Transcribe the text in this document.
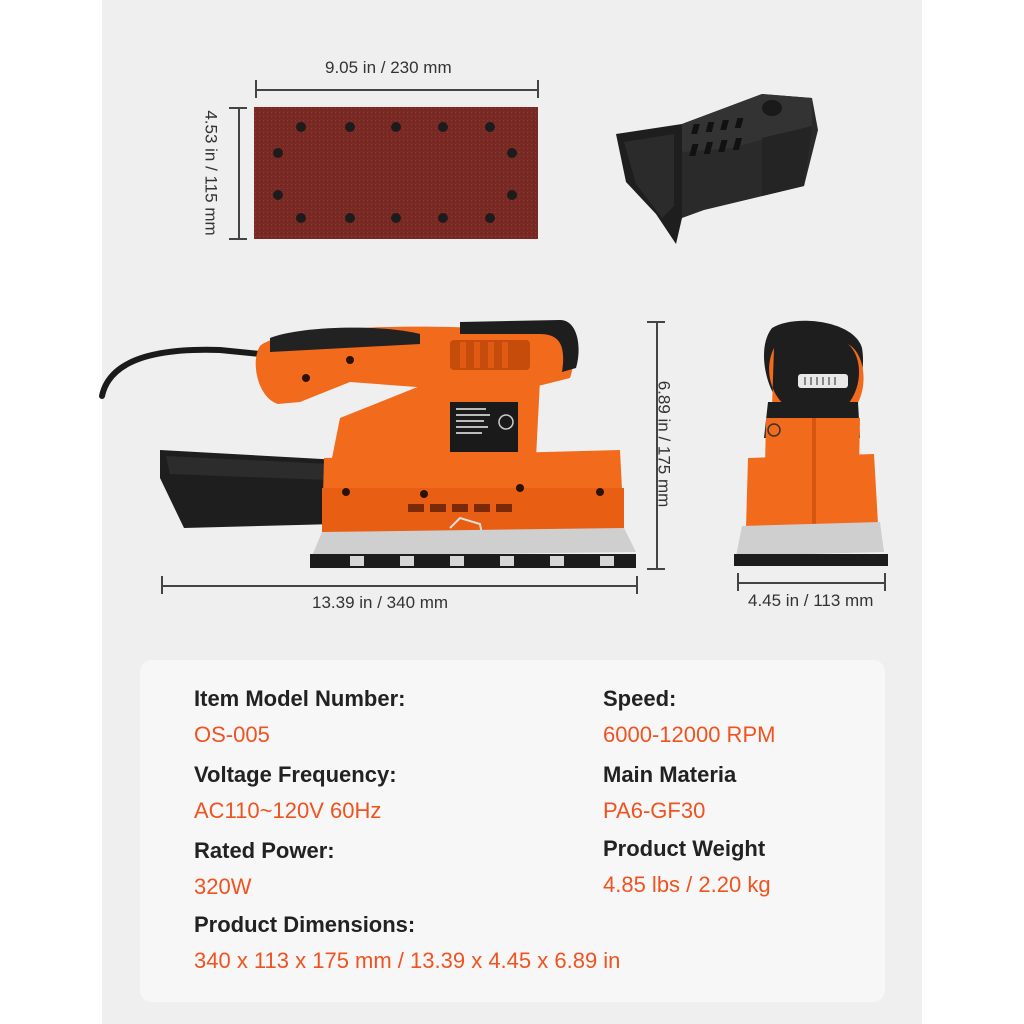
9.05 in / 230 mm
4.53 in / 115 mm
13.39 in / 340 mm
6.89 in / 175 mm
4.45 in / 113 mm
Item Model Number:
OS-005
Voltage Frequency:
AC110~120V 60Hz
Rated Power:
320W
Product Dimensions:
340 x 113 x 175 mm / 13.39 x 4.45 x 6.89 in
Speed:
6000-12000 RPM
Main Materia
PA6-GF30
Product Weight
4.85 lbs / 2.20 kg
